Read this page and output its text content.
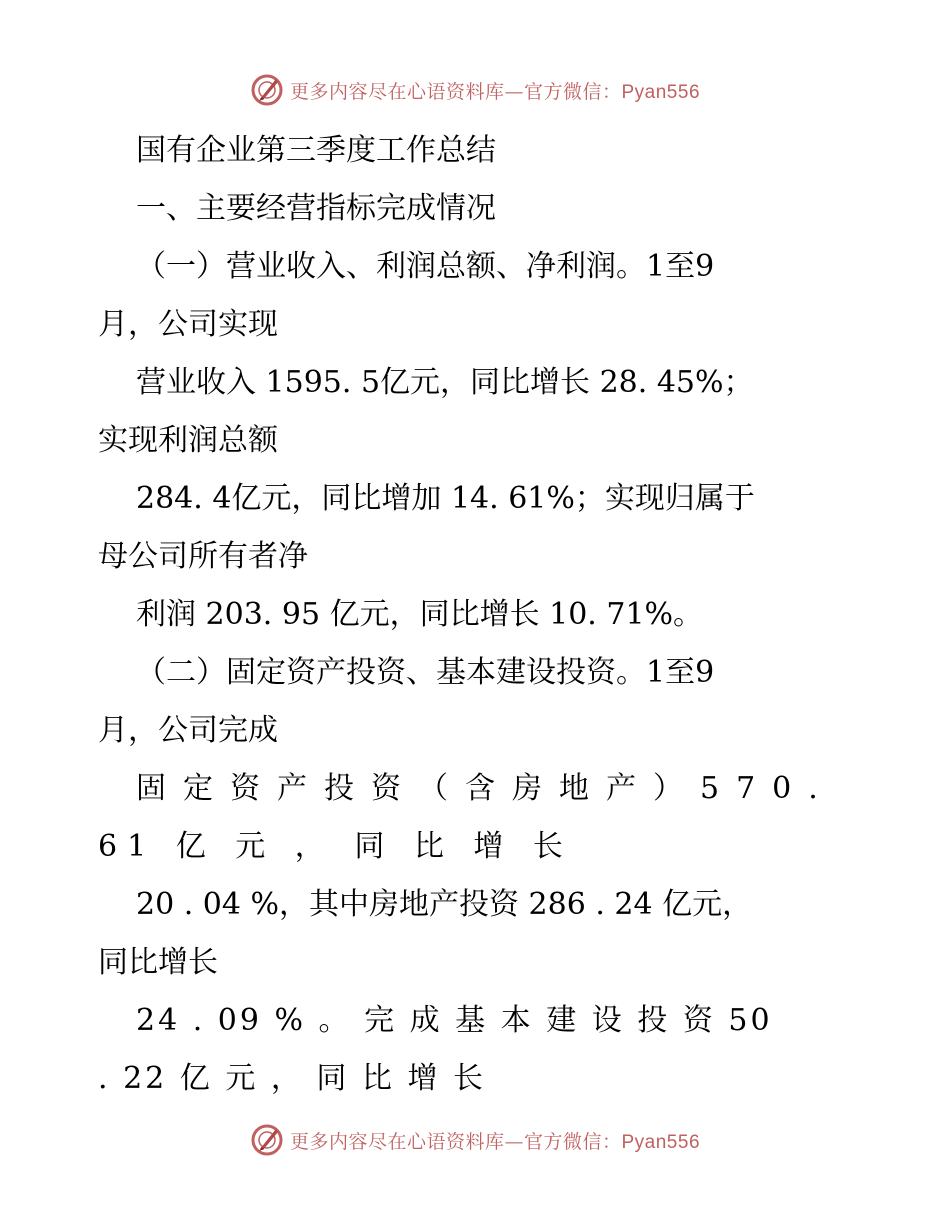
更多内容尽在心语资料库—官方微信：Pyan556
国有企业第三季度工作总结
一、主要经营指标完成情况
（一）营业收入、利润总额、净利润。1至9
月，公司实现
营业收入 1595. 5亿元，同比增长 28. 45%；
实现利润总额
284. 4亿元，同比增加 14. 61%；实现归属于
母公司所有者净
利润 203. 95 亿元，同比增长 10. 71%。
（二）固定资产投资、基本建设投资。1至9
月，公司完成
固定资产投资（含房地产）570.
61 亿 元 ， 同 比 增 长
20 . 04 %，其中房地产投资 286 . 24 亿元，
同比增长
24 . 09 % 。 完 成 基 本 建 设 投 资 50
. 22 亿 元 ， 同 比 增 长
更多内容尽在心语资料库—官方微信：Pyan556
